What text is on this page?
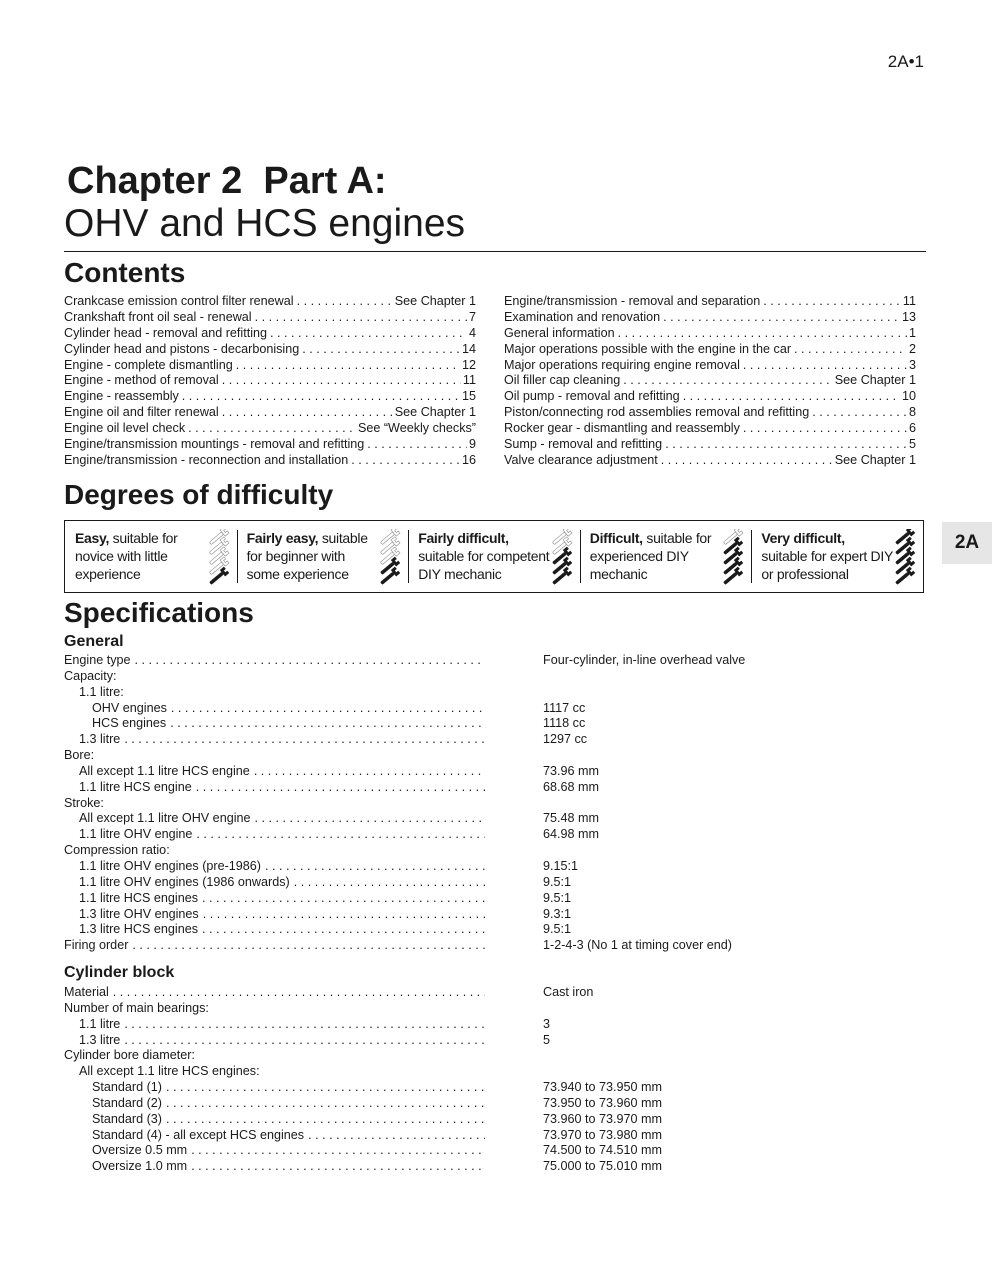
2A•1
Chapter 2  Part A:
OHV and HCS engines
Contents
Crankcase emission control filter renewal . . .	See Chapter 1
Crankshaft front oil seal - renewal . . .	7
Cylinder head - removal and refitting . . .	4
Cylinder head and pistons - decarbonising . . .	14
Engine - complete dismantling . . .	12
Engine - method of removal . . .	11
Engine - reassembly . . .	15
Engine oil and filter renewal . . .	See Chapter 1
Engine oil level check . . .	See “Weekly checks”
Engine/transmission mountings - removal and refitting . . .	9
Engine/transmission - reconnection and installation . . .	16
Engine/transmission - removal and separation . . .	11
Examination and renovation . . .	13
General information . . .	1
Major operations possible with the engine in the car . . .	2
Major operations requiring engine removal . . .	3
Oil filler cap cleaning . . .	See Chapter 1
Oil pump - removal and refitting . . .	10
Piston/connecting rod assemblies removal and refitting . . .	8
Rocker gear - dismantling and reassembly . . .	6
Sump - removal and refitting . . .	5
Valve clearance adjustment . . .	See Chapter 1
Degrees of difficulty
Easy, suitable for novice with little experience
Fairly easy, suitable for beginner with some experience
Fairly difficult, suitable for competent DIY mechanic
Difficult, suitable for experienced DIY mechanic
Very difficult, suitable for expert DIY or professional
2A
Specifications
General
Engine type . . .	Four-cylinder, in-line overhead valve
Capacity:
1.1 litre:
OHV engines . . .	1117 cc
HCS engines . . .	1118 cc
1.3 litre . . .	1297 cc
Bore:
All except 1.1 litre HCS engine . . .	73.96 mm
1.1 litre HCS engine . . .	68.68 mm
Stroke:
All except 1.1 litre OHV engine . . .	75.48 mm
1.1 litre OHV engine . . .	64.98 mm
Compression ratio:
1.1 litre OHV engines (pre-1986) . . .	9.15:1
1.1 litre OHV engines (1986 onwards) . . .	9.5:1
1.1 litre HCS engines . . .	9.5:1
1.3 litre OHV engines . . .	9.3:1
1.3 litre HCS engines . . .	9.5:1
Firing order . . .	1-2-4-3 (No 1 at timing cover end)
Cylinder block
Material . . .	Cast iron
Number of main bearings:
1.1 litre . . .	3
1.3 litre . . .	5
Cylinder bore diameter:
All except 1.1 litre HCS engines:
Standard (1) . . .	73.940 to 73.950 mm
Standard (2) . . .	73.950 to 73.960 mm
Standard (3) . . .	73.960 to 73.970 mm
Standard (4) - all except HCS engines . . .	73.970 to 73.980 mm
Oversize 0.5 mm . . .	74.500 to 74.510 mm
Oversize 1.0 mm . . .	75.000 to 75.010 mm
